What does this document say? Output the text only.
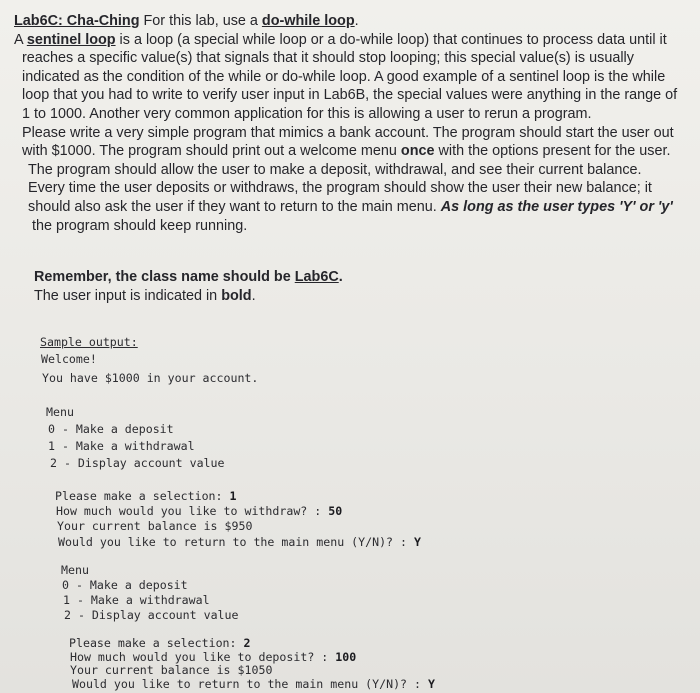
Lab6C: Cha-Ching For this lab, use a do-while loop.

A sentinel loop is a loop (a special while loop or a do-while loop) that continues to process data until it

reaches a specific value(s) that signals that it should stop looping; this special value(s) is usually

indicated as the condition of the while or do-while loop. A good example of a sentinel loop is the while

loop that you had to write to verify user input in Lab6B, the special values were anything in the range of

1 to 1000. Another very common application for this is allowing a user to rerun a program.

Please write a very simple program that mimics a bank account. The program should start the user out

with $1000. The program should print out a welcome menu once with the options present for the user.

The program should allow the user to make a deposit, withdrawal, and see their current balance.

Every time the user deposits or withdraws, the program should show the user their new balance; it

should also ask the user if they want to return to the main menu. As long as the user types 'Y' or 'y'

the program should keep running.

Remember, the class name should be Lab6C.

The user input is indicated in bold.

Sample output:
Welcome!
You have $1000 in your account.
Menu
0 - Make a deposit
1 - Make a withdrawal
2 - Display account value
Please make a selection: 1
How much would you like to withdraw? : 50
Your current balance is $950
Would you like to return to the main menu (Y/N)? : Y
Menu
0 - Make a deposit
1 - Make a withdrawal
2 - Display account value
Please make a selection: 2
How much would you like to deposit? : 100
Your current balance is $1050
Would you like to return to the main menu (Y/N)? : Y
